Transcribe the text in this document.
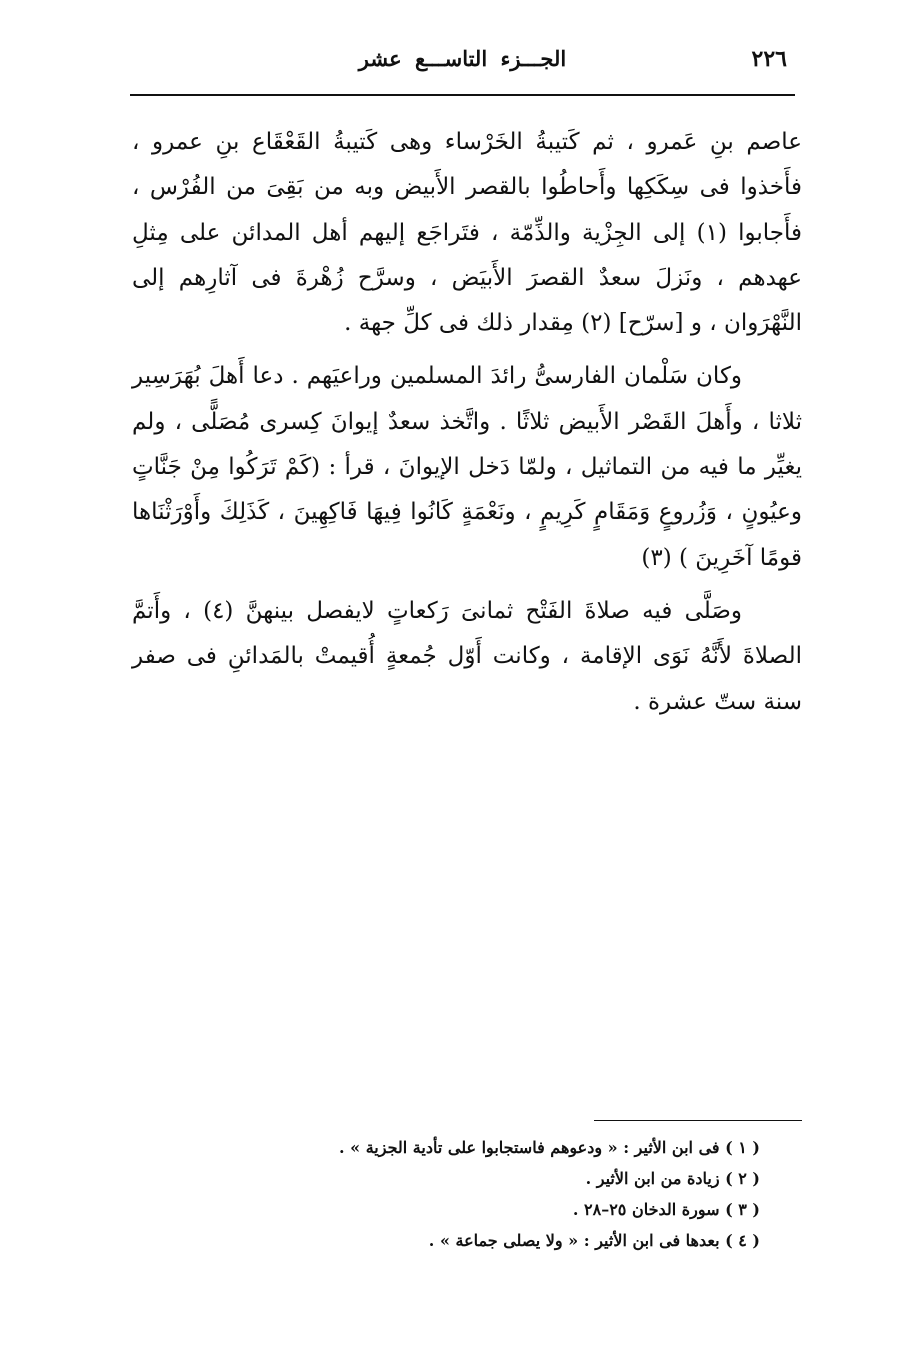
٢٢٦
الجـــزء التاســـع عشر

عاصم بنِ عَمرو ، ثم كَتيبةُ الخَرْساء وهى كَتيبةُ القَعْقَاع بنِ عمرو ، فأَخذوا فى سِكَكِها وأَحاطُوا بالقصر الأَبيض وبه من بَقِىَ من الفُرْس ، فأَجابوا (١) إلى الجِزْية والذِّمّة ، فتَراجَع إليهم أهل المدائن على مِثلِ عهدهم ، ونَزلَ سعدٌ القصرَ الأَبيَض ، وسرَّح زُهْرةَ فى آثارِهم إلى النَّهْرَوان ، و [سرّح] (٢) مِقدار ذلك فى كلِّ جهة .

وكان سَلْمان الفارسىُّ رائدَ المسلمين وراعيَهم . دعا أَهلَ بُهَرَسِير ثلاثا ، وأَهلَ القَصْر الأَبيض ثلاثًا . واتَّخذ سعدٌ إيوانَ كِسرى مُصَلًّى ، ولم يغيِّر ما فيه من التماثيل ، ولمّا دَخل الإيوانَ ، قرأ : (كَمْ تَرَكُوا مِنْ جَنَّاتٍ وعيُونٍ ، وَزُروعٍ وَمَقَامٍ كَرِيمٍ ، ونَعْمَةٍ كَانُوا فِيهَا فَاكِهِينَ ، كَذَلِكَ وأَوْرَثْنَاها قومًا آخَرِينَ ) (٣)

وصَلَّى فيه صلاةَ الفَتْح ثمانىَ رَكعاتٍ لايفصل بينهنَّ (٤) ، وأَتمَّ الصلاةَ لأَنَّهُ نَوَى الإقامة ، وكانت أَوّل جُمعةٍ أُقيمتْ بالمَدائنِ فى صفر سنة ستّ عشرة .

( ١ ) فى ابن الأثير : « ودعوهم فاستجابوا على تأدية الجزية » .
( ٢ ) زيادة من ابن الأثير .
( ٣ ) سورة الدخان ٢٥–٢٨ .
( ٤ ) بعدها فى ابن الأثير : « ولا يصلى جماعة » .
